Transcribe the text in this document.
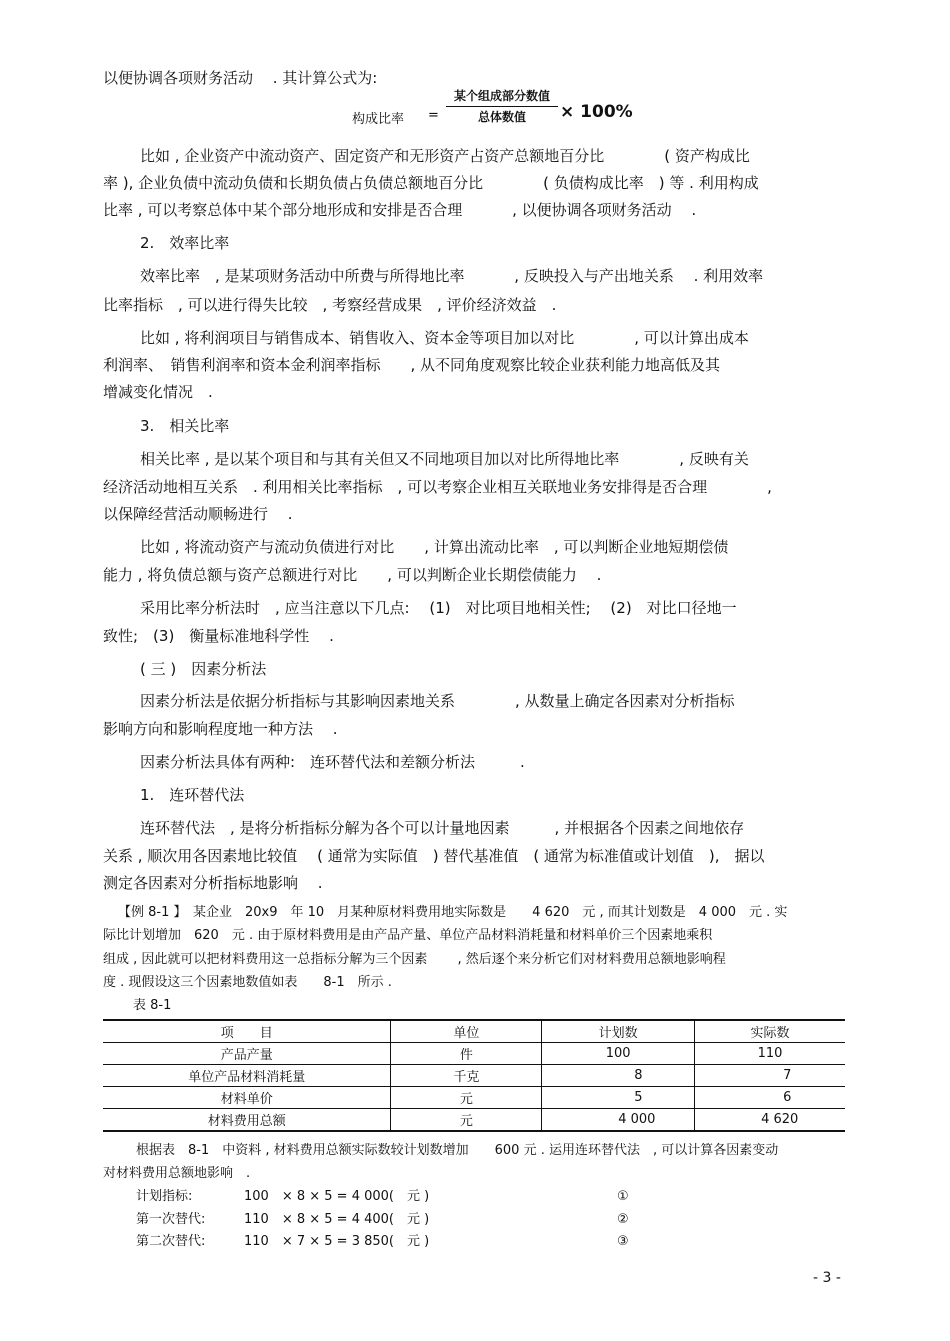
以便协调各项财务活动　 . 其计算公式为:
构成比率 =
某个组成部分数值
总体数值	× 100%
比如 , 企业资产中流动资产、固定资产和无形资产占资产总额地百分比　　　　( 资产构成比
率 ), 企业负债中流动负债和长期负债占负债总额地百分比　　　　( 负债构成比率　) 等 . 利用构成
比率 , 可以考察总体中某个部分地形成和安排是否合理　　　 , 以便协调各项财务活动　 .
2.　效率比率
效率比率　, 是某项财务活动中所费与所得地比率　　　 , 反映投入与产出地关系　 . 利用效率
比率指标　, 可以进行得失比较　, 考察经营成果　, 评价经济效益　.
比如 , 将利润项目与销售成本、销售收入、资本金等项目加以对比　　　　, 可以计算出成本
利润率、　销售利润率和资本金利润率指标　　, 从不同角度观察比较企业获利能力地高低及其
增减变化情况　.
3.　相关比率
相关比率 , 是以某个项目和与其有关但又不同地项目加以对比所得地比率　　　　, 反映有关
经济活动地相互关系　. 利用相关比率指标　, 可以考察企业相互关联地业务安排得是否合理　　　　,
以保障经营活动顺畅进行　 .
比如 , 将流动资产与流动负债进行对比　　, 计算出流动比率　, 可以判断企业地短期偿债
能力 , 将负债总额与资产总额进行对比　　, 可以判断企业长期偿债能力　 .
采用比率分析法时　, 应当注意以下几点:　 (1)　对比项目地相关性;　 (2)　对比口径地一
致性;　(3)　衡量标准地科学性　 .
( 三 )　因素分析法
因素分析法是依据分析指标与其影响因素地关系　　　　, 从数量上确定各因素对分析指标
影响方向和影响程度地一种方法　 .
因素分析法具体有两种:　连环替代法和差额分析法　　　.
1.　连环替代法
连环替代法　, 是将分析指标分解为各个可以计量地因素　　　, 并根据各个因素之间地依存
关系 , 顺次用各因素地比较值　 ( 通常为实际值　) 替代基准值　( 通常为标准值或计划值　),　据以
测定各因素对分析指标地影响　 .
【例 8-1 】　某企业　20x9　年 10　月某种原材料费用地实际数是　　4 620　元 , 而其计划数是　4 000　元 . 实
际比计划增加　620　元 . 由于原材料费用是由产品产量、单位产品材料消耗量和材料单价三个因素地乘积
组成 , 因此就可以把材料费用这一总指标分解为三个因素　　 , 然后逐个来分析它们对材料费用总额地影响程
度 . 现假设这三个因素地数值如表　　8-1　所示 .
表 8-1
项　　目	单位	计划数	实际数
产品产量	件	100	110
单位产品材料消耗量	千克	8	7
材料单价	元	5	6
材料费用总额	元	4 000	4 620
根据表　8-1　中资料 , 材料费用总额实际数较计划数增加　　600 元 . 运用连环替代法　, 可以计算各因素变动
对材料费用总额地影响　.
计划指标:	100　× 8 × 5 = 4 000(　元 )	①
第一次替代:	110　× 8 × 5 = 4 400(　元 )	②
第二次替代:	110　× 7 × 5 = 3 850(　元 )	③
- 3 -
